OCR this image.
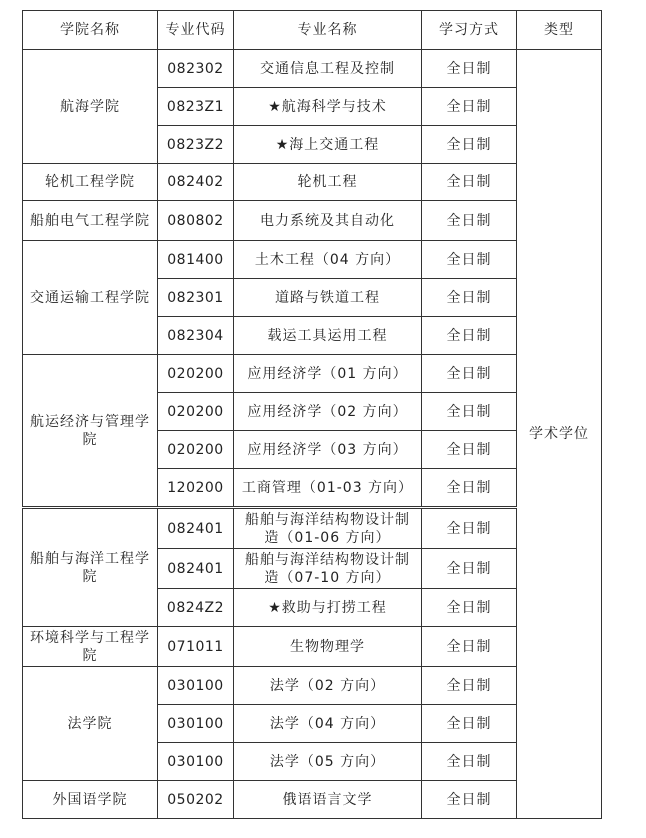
学院名称	专业代码	专业名称	学习方式	类型
航海学院	082302	交通信息工程及控制	全日制	学术学位
	0823Z1	★航海科学与技术	全日制	
	0823Z2	★海上交通工程	全日制	
轮机工程学院	082402	轮机工程	全日制	
船舶电气工程学院	080802	电力系统及其自动化	全日制	
交通运输工程学院	081400	土木工程（04 方向）	全日制	
	082301	道路与铁道工程	全日制	
	082304	载运工具运用工程	全日制	
航运经济与管理学院	020200	应用经济学（01 方向）	全日制	
	020200	应用经济学（02 方向）	全日制	
	020200	应用经济学（03 方向）	全日制	
	120200	工商管理（01-03 方向）	全日制	
船舶与海洋工程学院	082401	船舶与海洋结构物设计制造（01-06 方向）	全日制	
	082401	船舶与海洋结构物设计制造（07-10 方向）	全日制	
	0824Z2	★救助与打捞工程	全日制	
环境科学与工程学院	071011	生物物理学	全日制	
法学院	030100	法学（02 方向）	全日制	
	030100	法学（04 方向）	全日制	
	030100	法学（05 方向）	全日制	
外国语学院	050202	俄语语言文学	全日制	
